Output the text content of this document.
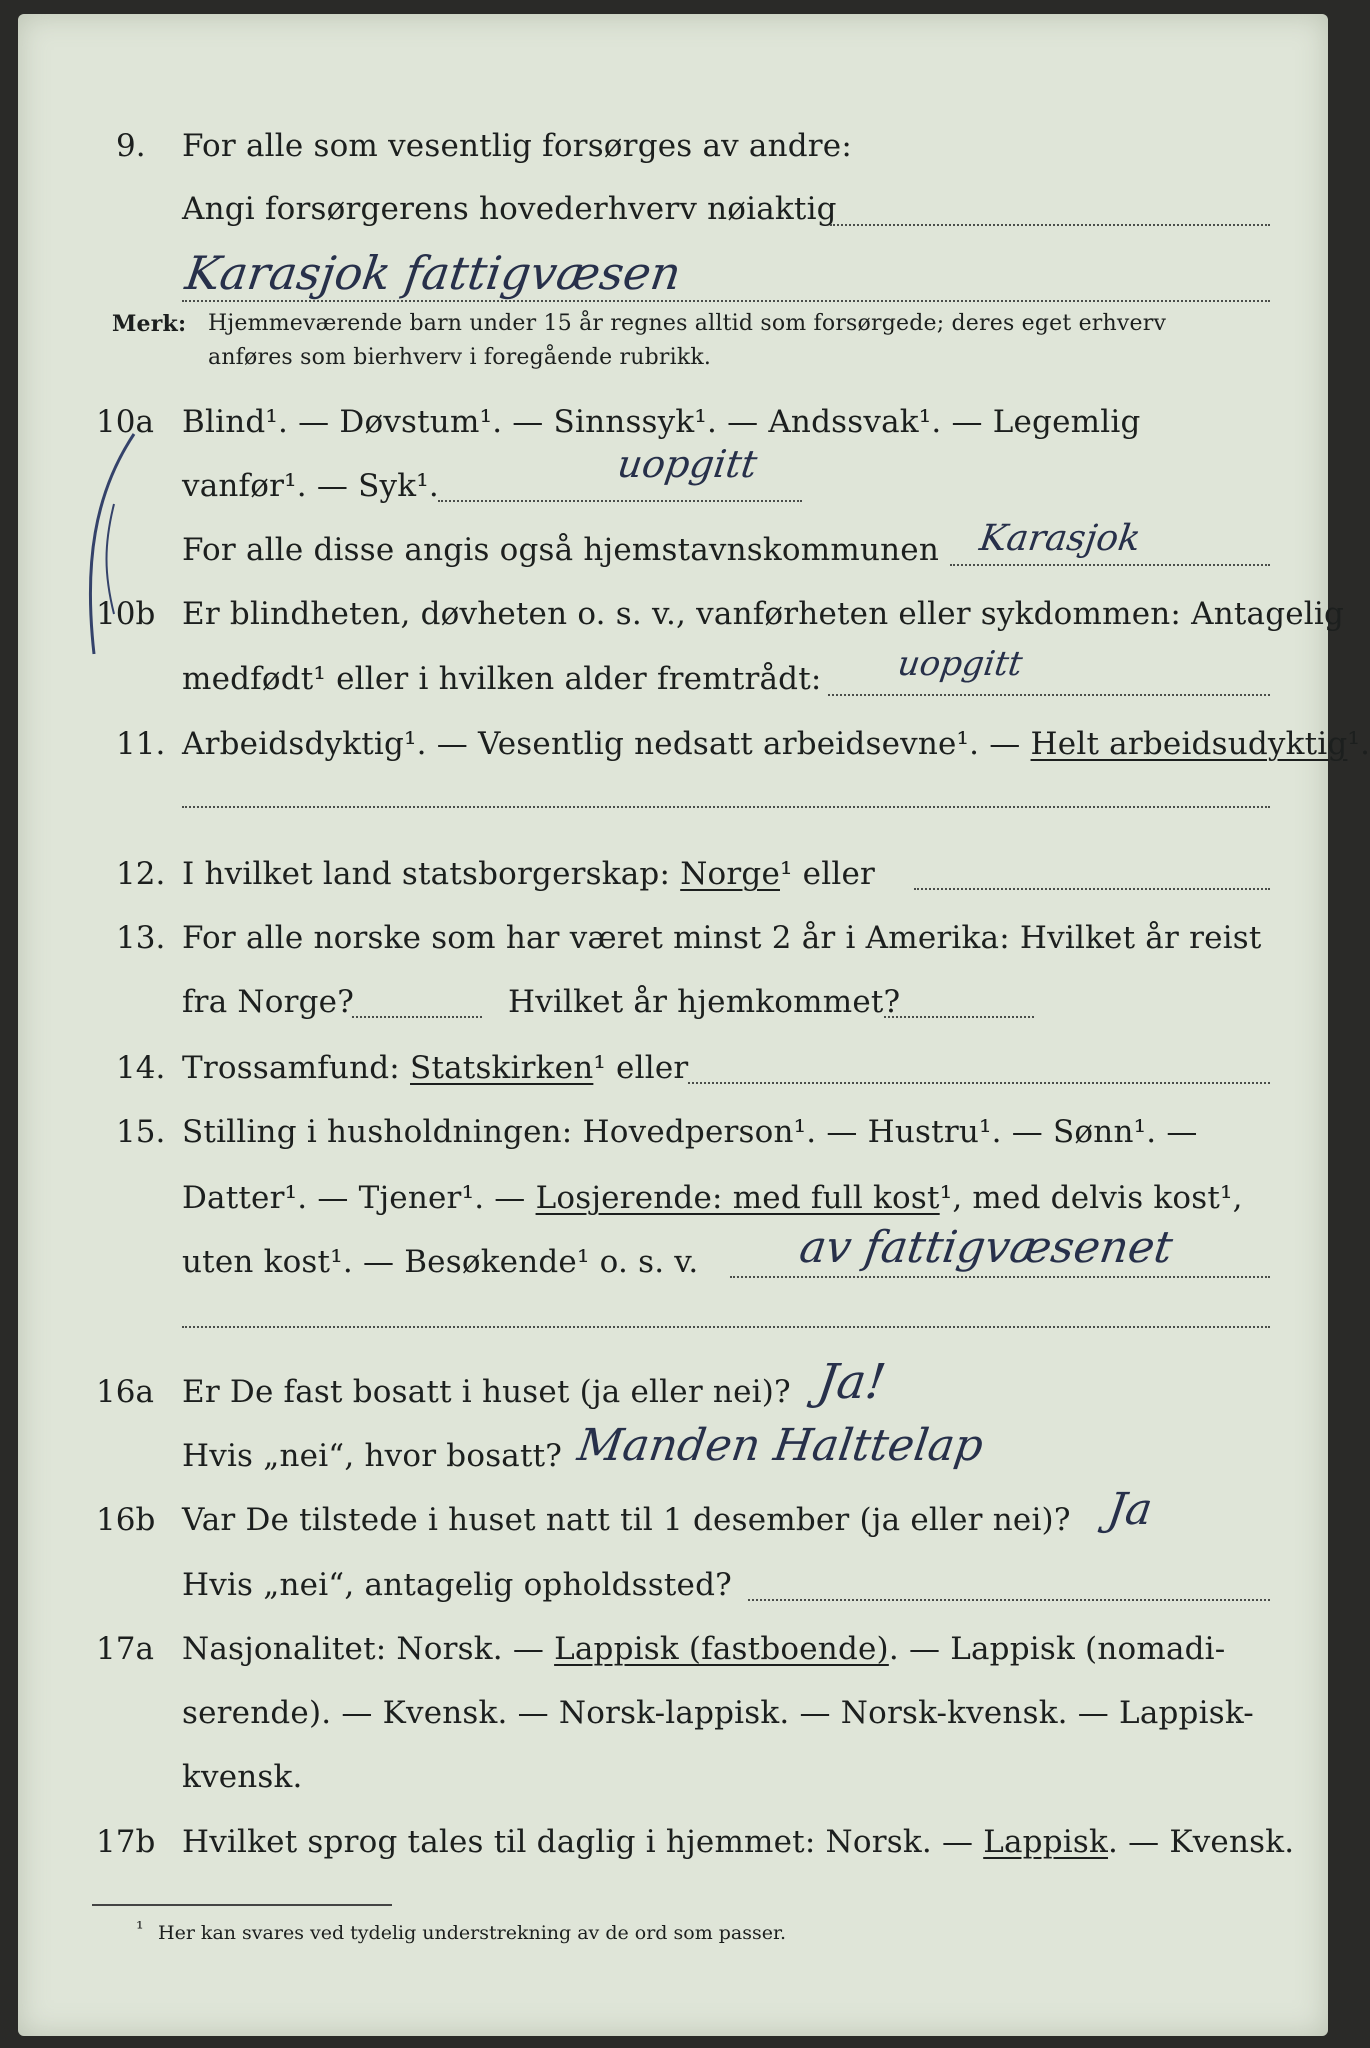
9. For alle som vesentlig forsørges av andre:
Angi forsørgerens hovederhverv nøiaktig
Karasjok fattigvæsen
Merk: Hjemmeværende barn under 15 år regnes alltid som forsørgede; deres eget erhverv
anføres som bierhverv i foregående rubrikk.
10a Blind¹. — Døvstum¹. — Sinnssyk¹. — Andssvak¹. — Legemlig
vanfør¹. — Syk¹.	uopgitt
For alle disse angis også hjemstavnskommunen Karasjok
10b Er blindheten, døvheten o. s. v., vanførheten eller sykdommen: Antagelig
medfødt¹ eller i hvilken alder fremtrådt: uopgitt
11. Arbeidsdyktig¹. — Vesentlig nedsatt arbeidsevne¹. — Helt arbeidsudyktig¹.
12. I hvilket land statsborgerskap: Norge¹ eller
13. For alle norske som har været minst 2 år i Amerika: Hvilket år reist
fra Norge?	Hvilket år hjemkommet?
14. Trossamfund: Statskirken¹ eller
15. Stilling i husholdningen: Hovedperson¹. — Hustru¹. — Sønn¹. —
Datter¹. — Tjener¹. — Losjerende: med full kost¹, med delvis kost¹,
uten kost¹. — Besøkende¹ o. s. v. av fattigvæsenet
16a Er De fast bosatt i huset (ja eller nei)? Ja!
Hvis „nei“, hvor bosatt? Manden Halttelap
16b Var De tilstede i huset natt til 1 desember (ja eller nei)? Ja
Hvis „nei“, antagelig opholdssted?
17a Nasjonalitet: Norsk. — Lappisk (fastboende). — Lappisk (nomadi-
serende). — Kvensk. — Norsk-lappisk. — Norsk-kvensk. — Lappisk-
kvensk.
17b Hvilket sprog tales til daglig i hjemmet: Norsk. — Lappisk. — Kvensk.
¹ Her kan svares ved tydelig understrekning av de ord som passer.
